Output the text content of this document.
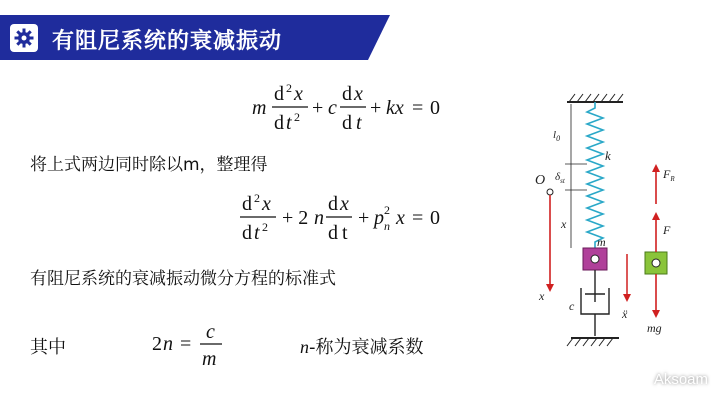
有阻尼系统的衰减振动
m
d 2 x
d t 2 + c
d x
d t
+ kx = 0
将上式两边同时除以m，整理得
d 2 x
d t 2 + 2 n
d x
d t
+ p 2
n x = 0
有阻尼系统的衰减振动微分方程的标准式
其中	2 n =
c
m
n-称为衰减系数
$l_0$
$\delta_{st}$
x
k
O
x
m
c
ẍ
$F_R$
F
mg
Aksoam
